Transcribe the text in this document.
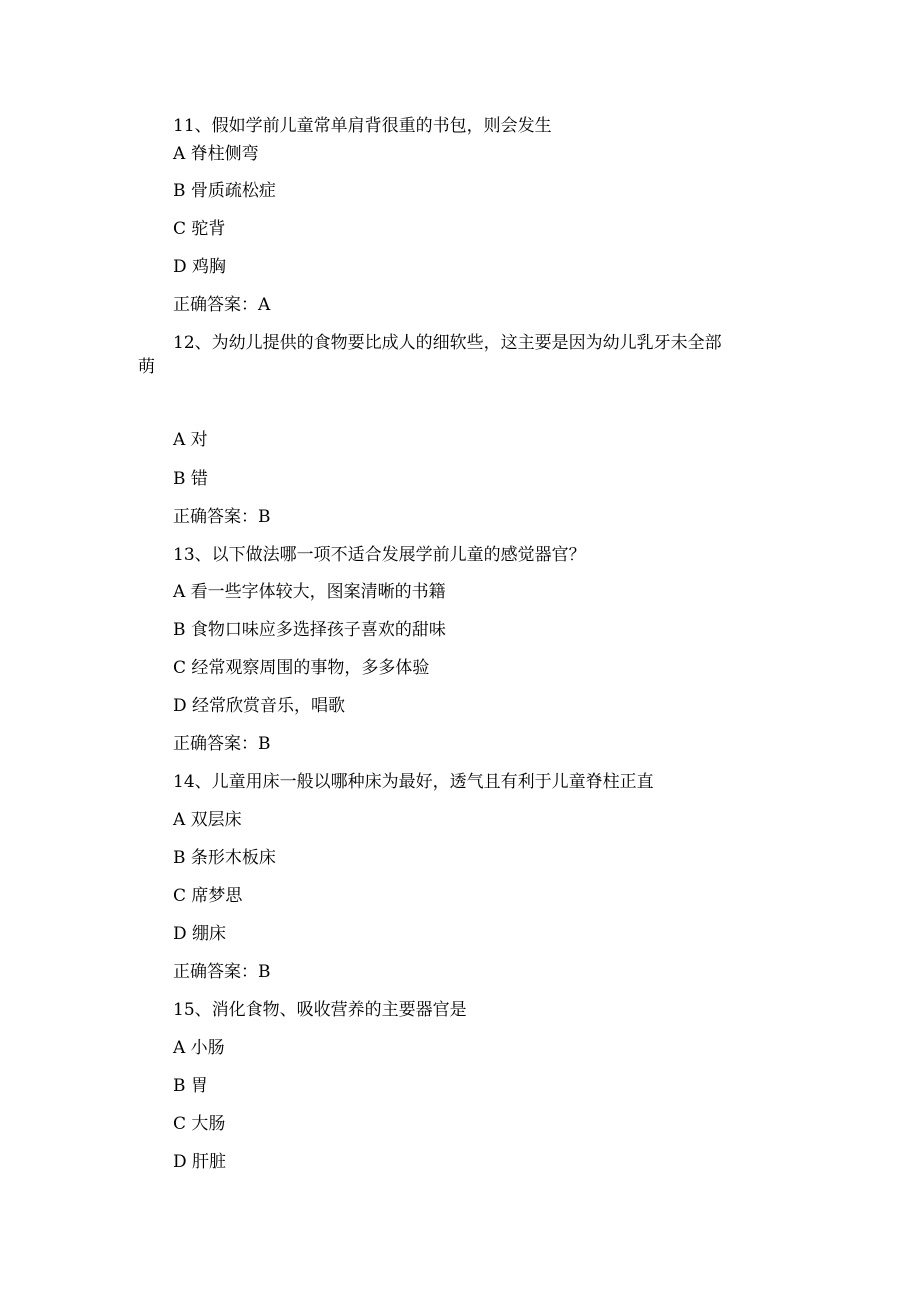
11、假如学前儿童常单肩背很重的书包，则会发生
A 脊柱侧弯
B 骨质疏松症
C 驼背
D 鸡胸
正确答案：A
12、为幼儿提供的食物要比成人的细软些，这主要是因为幼儿乳牙未全部
萌
A 对
B 错
正确答案：B
13、以下做法哪一项不适合发展学前儿童的感觉器官？
A 看一些字体较大，图案清晰的书籍
B 食物口味应多选择孩子喜欢的甜味
C 经常观察周围的事物，多多体验
D 经常欣赏音乐，唱歌
正确答案：B
14、儿童用床一般以哪种床为最好，透气且有利于儿童脊柱正直
A 双层床
B 条形木板床
C 席梦思
D 绷床
正确答案：B
15、消化食物、吸收营养的主要器官是
A 小肠
B 胃
C 大肠
D 肝脏
